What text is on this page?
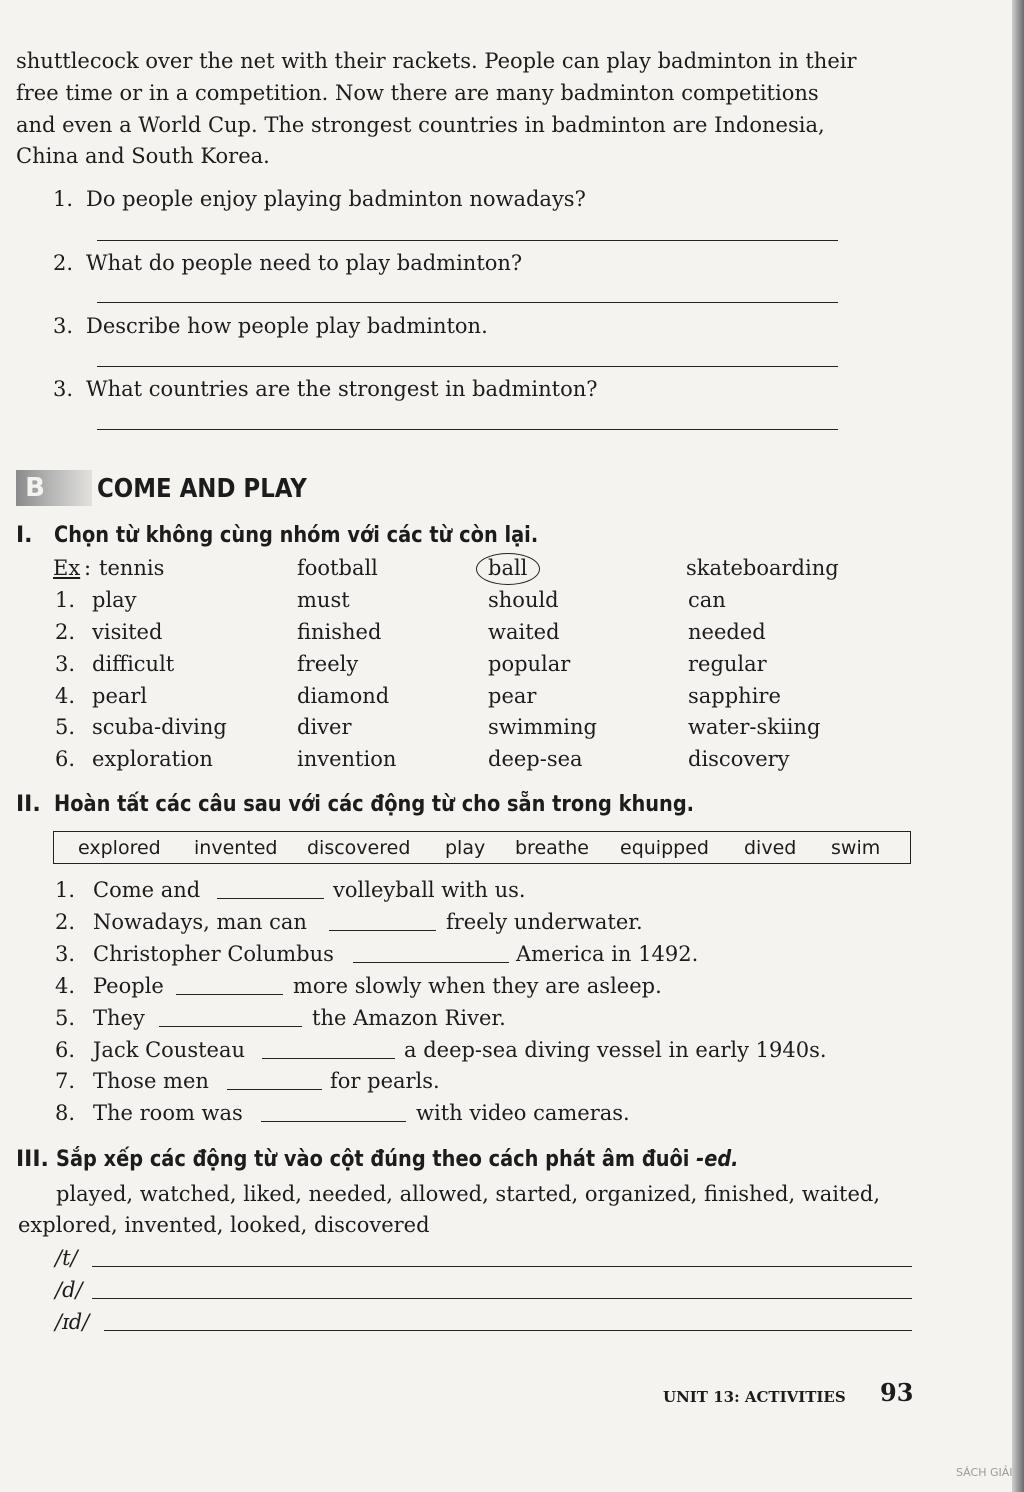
shuttlecock over the net with their rackets. People can play badminton in their
free time or in a competition. Now there are many badminton competitions
and even a World Cup. The strongest countries in badminton are Indonesia,
China and South Korea.
1. Do people enjoy playing badminton nowadays?
2. What do people need to play badminton?
3. Describe how people play badminton.
3. What countries are the strongest in badminton?
B COME AND PLAY
I. Chọn từ không cùng nhóm với các từ còn lại.
Ex : tennis	football	ball	skateboarding
1. play	must	should	can
2. visited	finished	waited	needed
3. difficult	freely	popular	regular
4. pearl	diamond	pear	sapphire
5. scuba-diving	diver	swimming	water-skiing
6. exploration	invention	deep-sea	discovery
II. Hoàn tất các câu sau với các động từ cho sẵn trong khung.
explored invented discovered play breathe equipped dived swim
1. Come and	volleyball with us.
2. Nowadays, man can	freely underwater.
3. Christopher Columbus	America in 1492.
4. People	more slowly when they are asleep.
5. They	the Amazon River.
6. Jack Cousteau	a deep-sea diving vessel in early 1940s.
7. Those men	for pearls.
8. The room was	with video cameras.
III. Sắp xếp các động từ vào cột đúng theo cách phát âm đuôi -ed.
played, watched, liked, needed, allowed, started, organized, finished, waited,
explored, invented, looked, discovered
/t/
/d/
/ɪd/
UNIT 13: ACTIVITIES 93
SÁCH GIẢI
